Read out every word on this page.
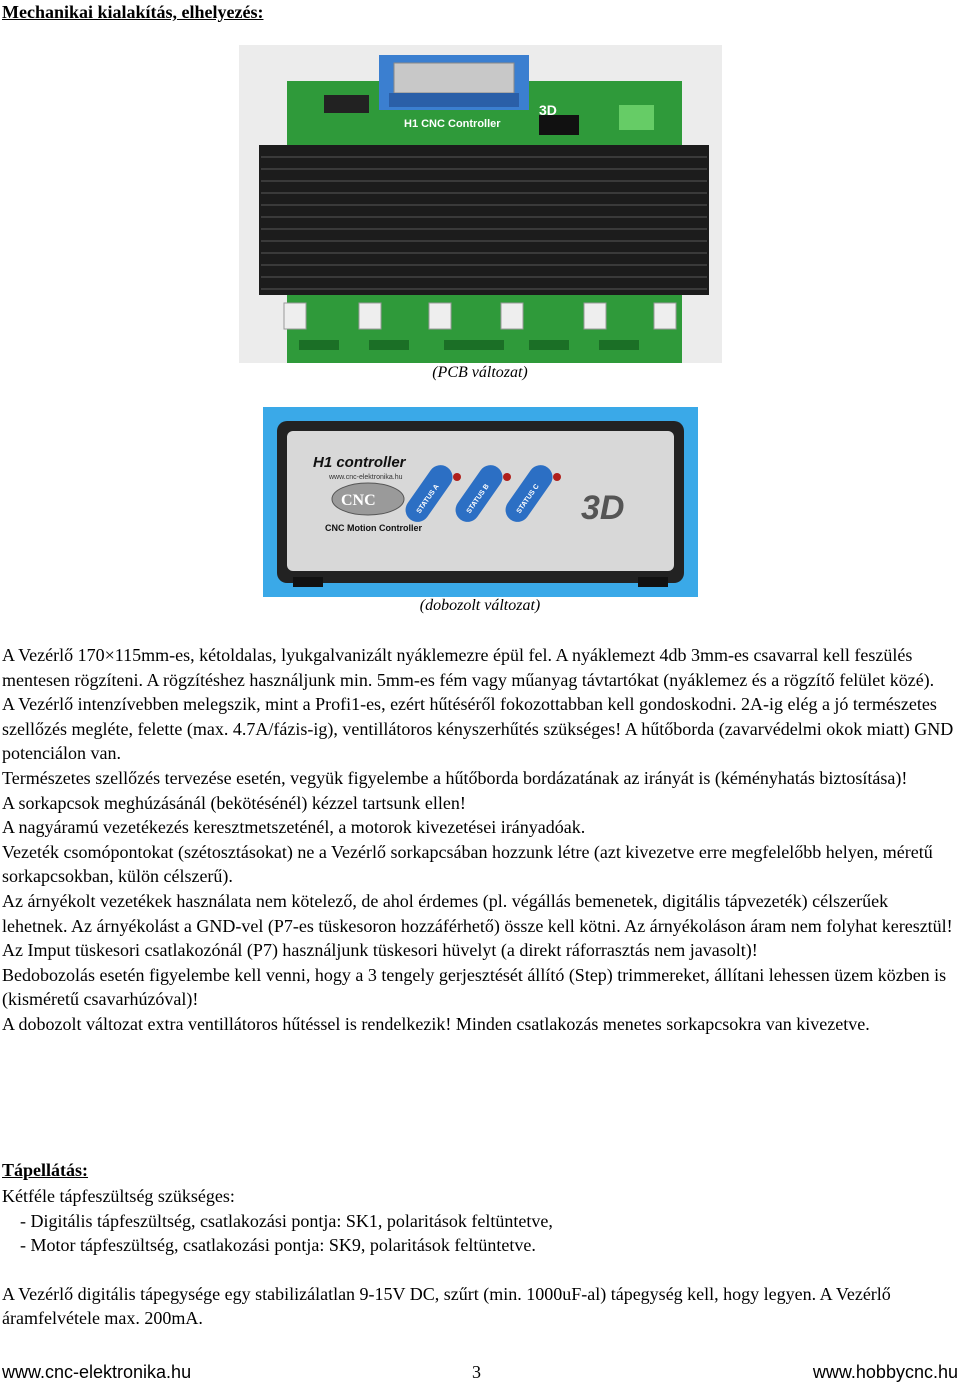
Mechanikai kialakítás, elhelyezés:
3D
H1 CNC Controller
(PCB változat)
H1 controller
www.cnc-elektronika.hu
CNC
CNC Motion Controller
STATUS A	STATUS B	STATUS C 3D
(dobozolt változat)

A Vezérlő 170×115mm-es, kétoldalas, lyukgalvanizált nyáklemezre épül fel. A nyáklemezt 4db 3mm-es csavarral kell feszülés mentesen rögzíteni. A rögzítéshez használjunk min. 5mm-es fém vagy műanyag távtartókat (nyáklemez és a rögzítő felület közé).

A Vezérlő intenzívebben melegszik, mint a Profi1-es, ezért hűtéséről fokozottabban kell gondoskodni. 2A-ig elég a jó természetes szellőzés megléte, felette (max. 4.7A/fázis-ig), ventillátoros kényszerhűtés szükséges! A hűtőborda (zavarvédelmi okok miatt) GND potenciálon van.

Természetes szellőzés tervezése esetén, vegyük figyelembe a hűtőborda bordázatának az irányát is (kéményhatás biztosítása)!

A sorkapcsok meghúzásánál (bekötésénél) kézzel tartsunk ellen!

A nagyáramú vezetékezés keresztmetszeténél, a motorok kivezetései irányadóak.

Vezeték csomópontokat (szétosztásokat) ne a Vezérlő sorkapcsában hozzunk létre (azt kivezetve erre megfelelőbb helyen, méretű sorkapcsokban, külön célszerű).

Az árnyékolt vezetékek használata nem kötelező, de ahol érdemes (pl. végállás bemenetek, digitális tápvezeték) célszerűek lehetnek. Az árnyékolást a GND-vel (P7-es tüskesoron hozzáférhető) össze kell kötni. Az árnyékoláson áram nem folyhat keresztül!

Az Imput tüskesori csatlakozónál (P7) használjunk tüskesori hüvelyt (a direkt ráforrasztás nem javasolt)!

Bedobozolás esetén figyelembe kell venni, hogy a 3 tengely gerjesztését állító (Step) trimmereket, állítani lehessen üzem közben is (kisméretű csavarhúzóval)!

A dobozolt változat extra ventillátoros hűtéssel is rendelkezik! Minden csatlakozás menetes sorkapcsokra van kivezetve.

Tápellátás:

Kétféle tápfeszültség szükséges:

- Digitális tápfeszültség, csatlakozási pontja: SK1, polaritások feltüntetve,

- Motor tápfeszültség, csatlakozási pontja: SK9, polaritások feltüntetve.

A Vezérlő digitális tápegysége egy stabilizálatlan 9-15V DC, szűrt (min. 1000uF-al) tápegység kell, hogy legyen. A Vezérlő áramfelvétele max. 200mA.

www.cnc-elektronika.hu	3	www.hobbycnc.hu
